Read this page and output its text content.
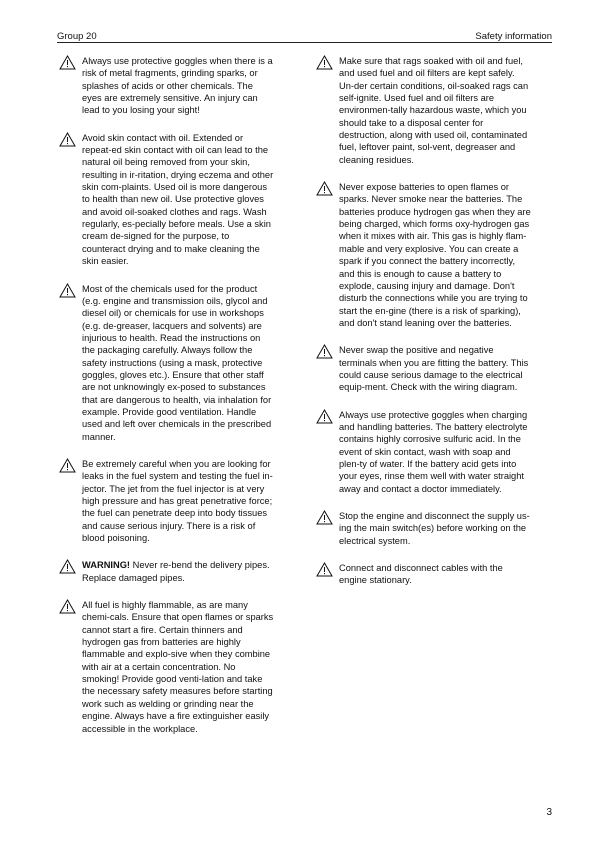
Group 20	Safety information

Always use protective goggles when there is a risk of metal fragments, grinding sparks, or splashes of acids or other chemicals. The eyes are extremely sensitive. An injury can lead to you losing your sight!

Avoid skin contact with oil. Extended or repeat-ed skin contact with oil can lead to the natural oil being removed from your skin, resulting in ir-ritation, drying eczema and other skin com-plaints. Used oil is more dangerous to health than new oil. Use protective gloves and avoid oil-soaked clothes and rags. Wash regularly, es-pecially before meals. Use a skin cream de-signed for the purpose, to counteract drying and to make cleaning the skin easier.

Most of the chemicals used for the product (e.g. engine and transmission oils, glycol and diesel oil) or chemicals for use in workshops (e.g. de-greaser, lacquers and solvents) are injurious to health. Read the instructions on the packaging carefully. Always follow the safety instructions (using a mask, protective goggles, gloves etc.). Ensure that other staff are not unknowingly ex-posed to substances that are dangerous to health, via inhalation for example. Provide good ventilation. Handle used and left over chemicals in the prescribed manner.

Be extremely careful when you are looking for leaks in the fuel system and testing the fuel in-jector. The jet from the fuel injector is at very high pressure and has great penetrative force; the fuel can penetrate deep into body tissues and cause serious injury. There is a risk of blood poisoning.

WARNING! Never re-bend the delivery pipes. Replace damaged pipes.

All fuel is highly flammable, as are many chemi-cals. Ensure that open flames or sparks cannot start a fire. Certain thinners and hydrogen gas from batteries are highly flammable and explo-sive when they combine with air at a certain concentration. No smoking! Provide good venti-lation and take the necessary safety measures before starting work such as welding or grinding near the engine. Always have a fire extinguisher easily accessible in the workplace.

Make sure that rags soaked with oil and fuel, and used fuel and oil filters are kept safely. Un-der certain conditions, oil-soaked rags can self-ignite. Used fuel and oil filters are environmen-tally hazardous waste, which you should take to a disposal center for destruction, along with used oil, contaminated fuel, leftover paint, sol-vent, degreaser and cleaning residues.

Never expose batteries to open flames or sparks. Never smoke near the batteries. The batteries produce hydrogen gas when they are being charged, which forms oxy-hydrogen gas when it mixes with air. This gas is highly flam-mable and very explosive. You can create a spark if you connect the battery incorrectly, and this is enough to cause a battery to explode, causing injury and damage. Don't disturb the connections while you are trying to start the en-gine (there is a risk of sparking), and don't stand leaning over the batteries.

Never swap the positive and negative terminals when you are fitting the battery. This could cause serious damage to the electrical equip-ment. Check with the wiring diagram.

Always use protective goggles when charging and handling batteries. The battery electrolyte contains highly corrosive sulfuric acid. In the event of skin contact, wash with soap and plen-ty of water. If the battery acid gets into your eyes, rinse them well with water straight away and contact a doctor immediately.

Stop the engine and disconnect the supply us-ing the main switch(es) before working on the electrical system.

Connect and disconnect cables with the engine stationary.

3
